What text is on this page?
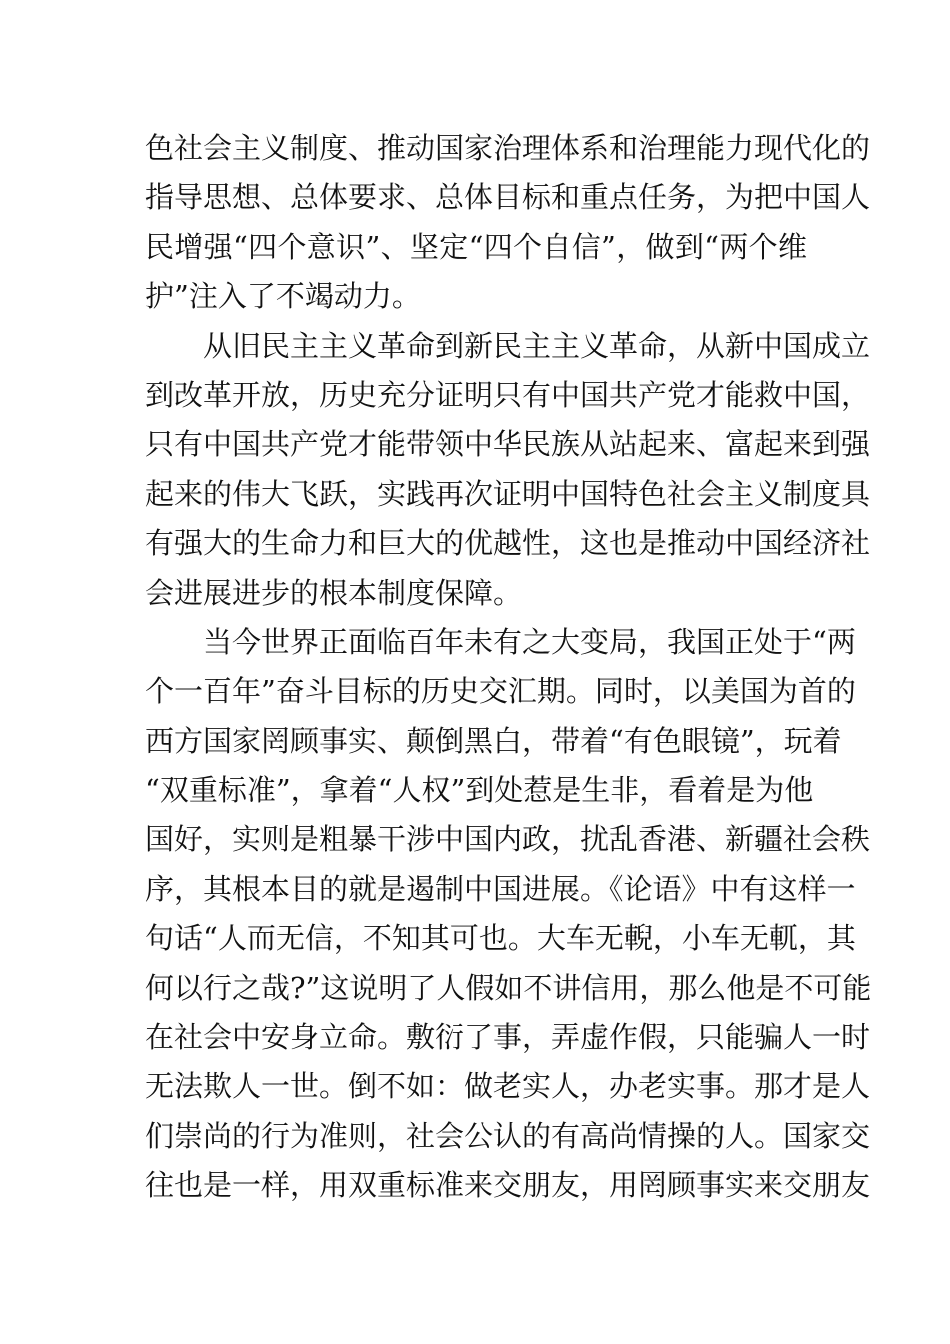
色社会主义制度、推动国家治理体系和治理能力现代化的
指导思想、总体要求、总体目标和重点任务，为把中国人
民增强“四个意识”、坚定“四个自信”，做到“两个维
护”注入了不竭动力。
从旧民主主义革命到新民主主义革命，从新中国成立
到改革开放，历史充分证明只有中国共产党才能救中国，
只有中国共产党才能带领中华民族从站起来、富起来到强
起来的伟大飞跃，实践再次证明中国特色社会主义制度具
有强大的生命力和巨大的优越性，这也是推动中国经济社
会进展进步的根本制度保障。
当今世界正面临百年未有之大变局，我国正处于“两
个一百年”奋斗目标的历史交汇期。同时，以美国为首的
西方国家罔顾事实、颠倒黑白，带着“有色眼镜”，玩着
“双重标准”，拿着“人权”到处惹是生非，看着是为他
国好，实则是粗暴干涉中国内政，扰乱香港、新疆社会秩
序，其根本目的就是遏制中国进展。《论语》中有这样一
句话“人而无信，不知其可也。大车无輗，小车无軏，其
何以行之哉?”这说明了人假如不讲信用，那么他是不可能
在社会中安身立命。敷衍了事，弄虚作假，只能骗人一时
无法欺人一世。倒不如：做老实人，办老实事。那才是人
们崇尚的行为准则，社会公认的有高尚情操的人。国家交
往也是一样，用双重标准来交朋友，用罔顾事实来交朋友
